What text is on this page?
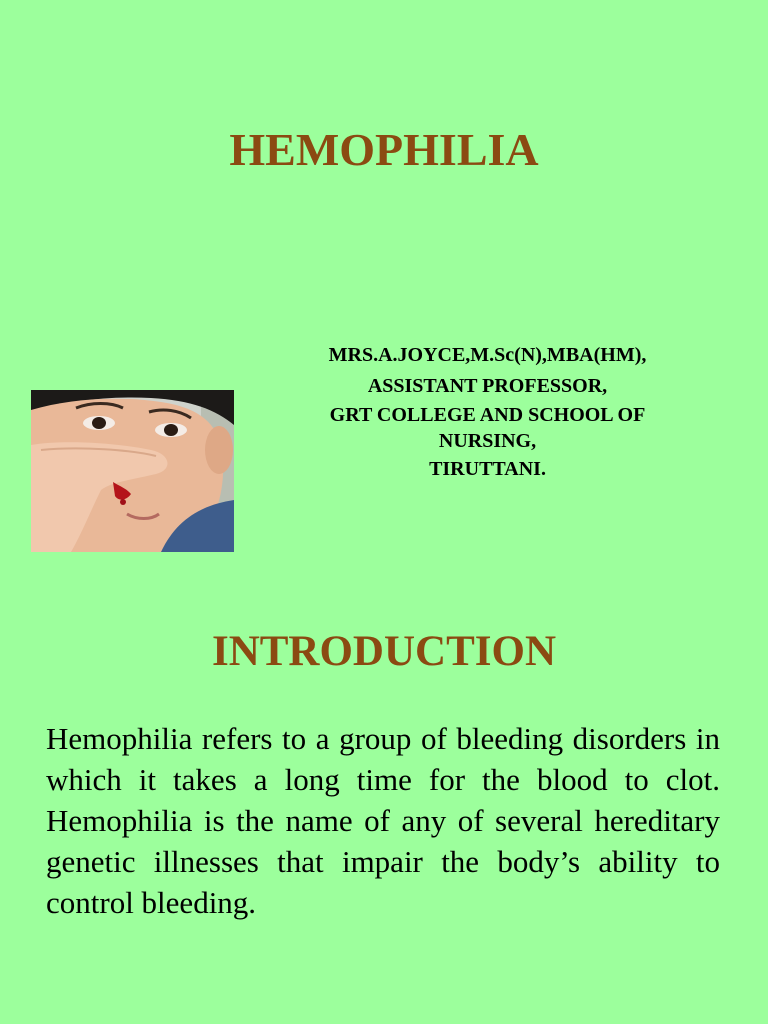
HEMOPHILIA
MRS.A.JOYCE,M.Sc(N),MBA(HM),
ASSISTANT PROFESSOR,
GRT COLLEGE AND SCHOOL OF
NURSING,
TIRUTTANI.
INTRODUCTION

Hemophilia refers to a group of bleeding disorders in which it takes a long time for the blood to clot. Hemophilia is the name of any of several hereditary genetic illnesses that impair the body’s ability to control bleeding.
